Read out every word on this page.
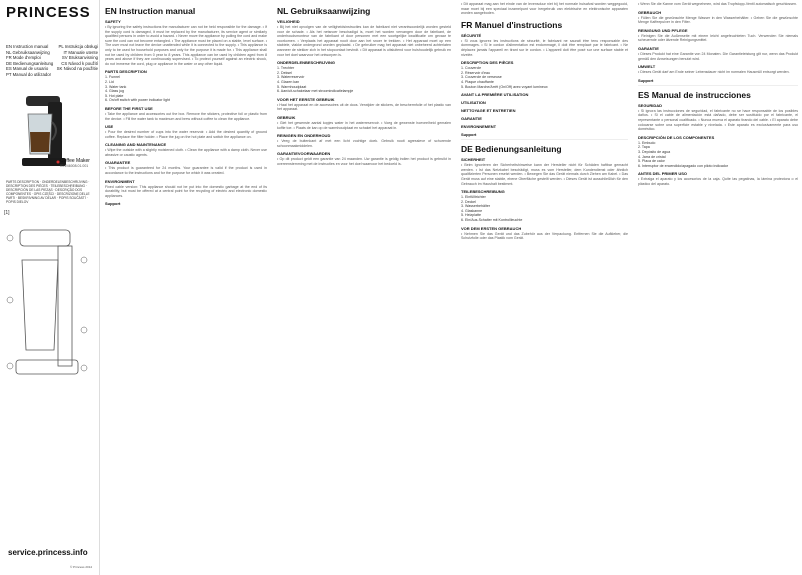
PRINCESS
EN Instruction manual PL Instrukcja obsługi
NL Gebruiksaanwijzing	IT Manuale utente
FR Mode d'emploi	SV Bruksanvisning
DE Bedienungsanleitung CS Návod k použití
ES Manual de usuario SK Návod na použitie
PT Manual do utilizador
Coffee Maker
01.246008.01.001
PARTS DESCRIPTION · ONDERDELENBESCHRIJVING · DESCRIPTION DES PIÈCES · TEILEBESCHREIBUNG · DESCRIPCIÓN DE LAS PIEZAS · DESCRIÇÃO DOS COMPONENTES · OPIS CZĘŚCI · DESCRIZIONE DELLE PARTI · BESKRIVNING AV DELAR · POPIS SOUČÁSTÍ · POPIS DIELOV
[1]
service.princess.info
© Princess 2014
EN Instruction manual
SAFETY
• By ignoring the safety instructions the manufacturer can not be held responsible for the damage. • If the supply cord is damaged, it must be replaced by the manufacturer, its service agent or similarly qualified persons in order to avoid a hazard. • Never move the appliance by pulling the cord and make sure the cord can not become entangled. • The appliance must be placed on a stable, level surface. • The user must not leave the device unattended while it is connected to the supply. • This appliance is only to be used for household purposes and only for the purpose it is made for. • This appliance shall not be used by children from 0 year to 8 years. This appliance can be used by children aged from 8 years and above if they are continuously supervised. • To protect yourself against an electric shock, do not immerse the cord, plug or appliance in the water or any other liquid.
PARTS DESCRIPTION
1. Funnel
2. Lid
3. Water tank
4. Glass jug
5. Hot plate
6. On/off switch with power indicator light
BEFORE THE FIRST USE
• Take the appliance and accessories out the box. Remove the stickers, protective foil or plastic from the device. • Fill the water tank to maximum and brew without coffee to clean the appliance.
USE
• Pour the desired number of cups into the water reservoir. • Add the desired quantity of ground coffee. Replace the filter holder. • Place the jug on the hot plate and switch the appliance on.
CLEANING AND MAINTENANCE
• Wipe the outside with a slightly moistened cloth. • Clean the appliance with a damp cloth. Never use abrasive or caustic agents.
GUARANTEE
• This product is guaranteed for 24 months. Your guarantee is valid if the product is used in accordance to the instructions and for the purpose for which it was created.
ENVIRONMENT
Fixed cable version: This appliance should not be put into the domestic garbage at the end of its durability, but must be offered at a central point for the recycling of electric and electronic domestic appliances.
Support
NL Gebruiksaanwijzing
VEILIGHEID
• Bij het niet opvolgen van de veiligheidsinstructies kan de fabrikant niet verantwoordelijk worden gesteld voor de schade. • Als het netsnoer beschadigd is, moet het worden vervangen door de fabrikant, de onderhoudsmonteur van de fabrikant of door personen met een soortgelijke kwalificatie om gevaar te voorkomen. • Verplaats het apparaat nooit door aan het snoer te trekken. • Het apparaat moet op een stabiele, vlakke ondergrond worden geplaatst. • De gebruiker mag het apparaat niet onbeheerd achterlaten wanneer de stekker zich in het stopcontact bevindt. • Dit apparaat is uitsluitend voor huishoudelijk gebruik en voor het doel waarvoor het ontworpen is.
ONDERDELENBESCHRIJVING
1. Trechter
2. Deksel
3. Waterreservoir
4. Glazen kan
5. Warmhoudplaat
6. Aan/uit-schakelaar met stroomindicatielampje
VOOR HET EERSTE GEBRUIK
• Haal het apparaat en de accessoires uit de doos. Verwijder de stickers, de beschermfolie of het plastic van het apparaat.
GEBRUIK
• Giet het gewenste aantal kopjes water in het waterreservoir. • Voeg de gewenste hoeveelheid gemalen koffie toe. • Plaats de kan op de warmhoudplaat en schakel het apparaat in.
REINIGEN EN ONDERHOUD
• Veeg de buitenkant af met een licht vochtige doek. Gebruik nooit agressieve of schurende schoonmaakmiddelen.
GARANTIEVOORWAARDEN
• Op dit product geldt een garantie van 24 maanden. Uw garantie is geldig indien het product is gebruikt in overeenstemming met de instructies en voor het doel waarvoor het bedoeld is.
• Dit apparaat mag aan het einde van de levensduur niet bij het normale huisafval worden weggegooid, maar moet bij een speciaal inzamelpunt voor hergebruik van elektrische en elektronische apparaten worden aangeboden.
FR Manuel d'instructions
SÉCURITÉ
• Si vous ignorez les instructions de sécurité, le fabricant ne saurait être tenu responsable des dommages. • Si le cordon d'alimentation est endommagé, il doit être remplacé par le fabricant. • Ne déplacez jamais l'appareil en tirant sur le cordon. • L'appareil doit être posé sur une surface stable et nivelée.
DESCRIPTION DES PIÈCES
1. Couvercle
2. Réservoir d'eau
3. Couvercle de verseuse
4. Plaque chauffante
5. Bouton Marche/Arrêt (On/Off) avec voyant lumineux
AVANT LA PREMIÈRE UTILISATION
UTILISATION
NETTOYAGE ET ENTRETIEN
GARANTIE
ENVIRONNEMENT
Support
DE Bedienungsanleitung
SICHERHEIT
• Beim Ignorieren der Sicherheitshinweise kann der Hersteller nicht für Schäden haftbar gemacht werden. • Ist das Netzkabel beschädigt, muss es vom Hersteller, dem Kundendienst oder ähnlich qualifizierten Personen ersetzt werden. • Bewegen Sie das Gerät niemals durch Ziehen am Kabel. • Das Gerät muss auf eine stabile, ebene Oberfläche gestellt werden. • Dieses Gerät ist ausschließlich für den Gebrauch im Haushalt bestimmt.
TEILEBESCHREIBUNG
1. Einfülltrichter
2. Deckel
3. Wasserbehälter
4. Glaskanne
5. Heizplatte
6. Ein/Aus-Schalter mit Kontrollleuchte
VOR DEM ERSTEN GEBRAUCH
• Nehmen Sie das Gerät und das Zubehör aus der Verpackung. Entfernen Sie die Aufkleber, die Schutzfolie oder das Plastik vom Gerät.
• Wenn Sie die Kanne vom Gerät wegnehmen, wird das Tropfstopp-Ventil automatisch geschlossen.
GEBRAUCH
• Füllen Sie die gewünschte Menge Wasser in den Wasserbehälter. • Geben Sie die gewünschte Menge Kaffeepulver in den Filter.
REINIGUNG UND PFLEGE
• Reinigen Sie die Außenseite mit einem leicht angefeuchteten Tuch. Verwenden Sie niemals scheuernde oder ätzende Reinigungsmittel.
GARANTIE
• Dieses Produkt hat eine Garantie von 24 Monaten. Die Garantieleistung gilt nur, wenn das Produkt gemäß den Anweisungen benutzt wird.
UMWELT
• Dieses Gerät darf am Ende seiner Lebensdauer nicht im normalen Hausmüll entsorgt werden.
Support
ES Manual de instrucciones
SEGURIDAD
• Si ignora las instrucciones de seguridad, el fabricante no se hace responsable de los posibles daños. • Si el cable de alimentación está dañado, debe ser sustituido por el fabricante, el representante o personal cualificado. • Nunca mueva el aparato tirando del cable. • El aparato debe colocarse sobre una superficie estable y nivelada. • Este aparato es exclusivamente para uso doméstico.
DESCRIPCIÓN DE LOS COMPONENTES
1. Embudo
2. Tapa
3. Depósito de agua
4. Jarra de cristal
5. Placa de calor
6. Interruptor de encendido/apagado con piloto indicador
ANTES DEL PRIMER USO
• Extraiga el aparato y los accesorios de la caja. Quite las pegatinas, la lámina protectora o el plástico del aparato.
